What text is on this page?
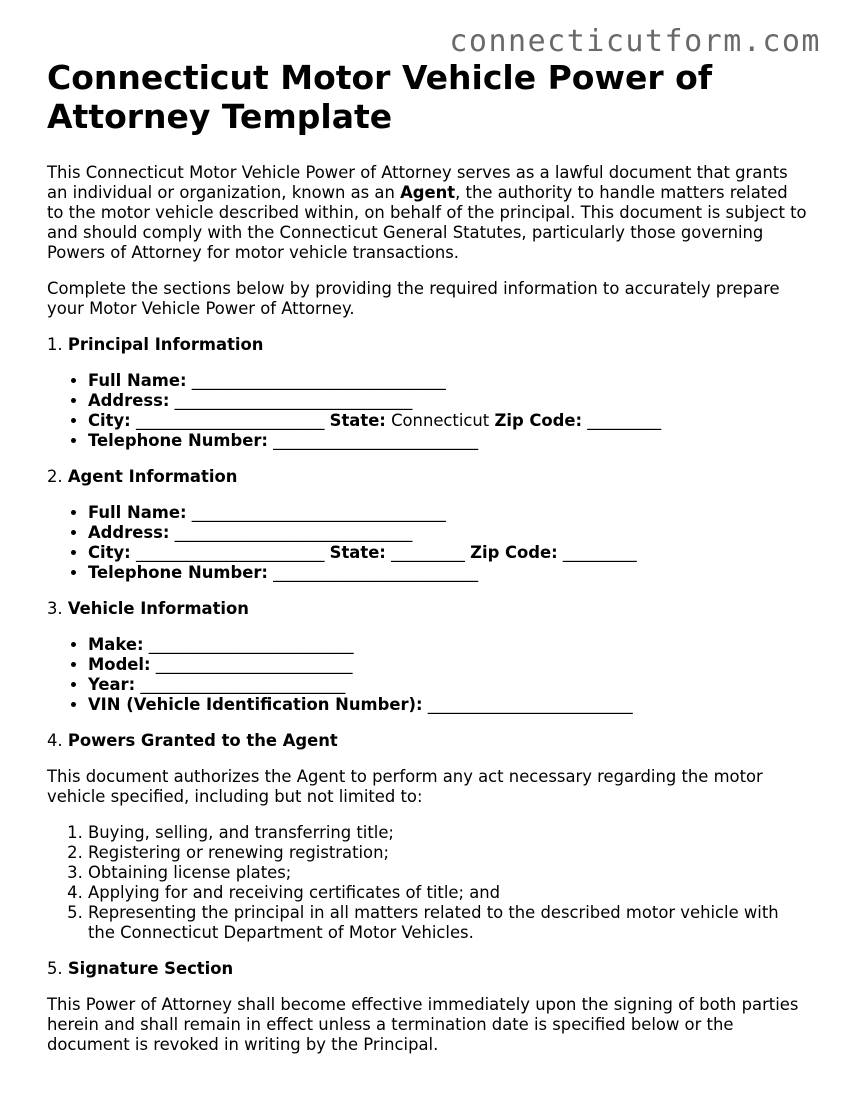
connecticutform.com
Connecticut Motor Vehicle Power of Attorney Template

This Connecticut Motor Vehicle Power of Attorney serves as a lawful document that grants an individual or organization, known as an Agent, the authority to handle matters related to the motor vehicle described within, on behalf of the principal. This document is subject to and should comply with the Connecticut General Statutes, particularly those governing Powers of Attorney for motor vehicle transactions.

Complete the sections below by providing the required information to accurately prepare your Motor Vehicle Power of Attorney.

1. Principal Information
• Full Name: _______________________________
• Address: _____________________________
• City: _______________________ State: Connecticut Zip Code: _________
• Telephone Number: _________________________
2. Agent Information
• Full Name: _______________________________
• Address: _____________________________
• City: _______________________ State: _________ Zip Code: _________
• Telephone Number: _________________________
3. Vehicle Information
• Make: _________________________
• Model: ________________________
• Year: _________________________
• VIN (Vehicle Identification Number): _________________________
4. Powers Granted to the Agent

This document authorizes the Agent to perform any act necessary regarding the motor vehicle specified, including but not limited to:

1. Buying, selling, and transferring title;
2. Registering or renewing registration;
3. Obtaining license plates;
4. Applying for and receiving certificates of title; and
5. Representing the principal in all matters related to the described motor vehicle with the Connecticut Department of Motor Vehicles.
5. Signature Section

This Power of Attorney shall become effective immediately upon the signing of both parties herein and shall remain in effect unless a termination date is specified below or the document is revoked in writing by the Principal.
